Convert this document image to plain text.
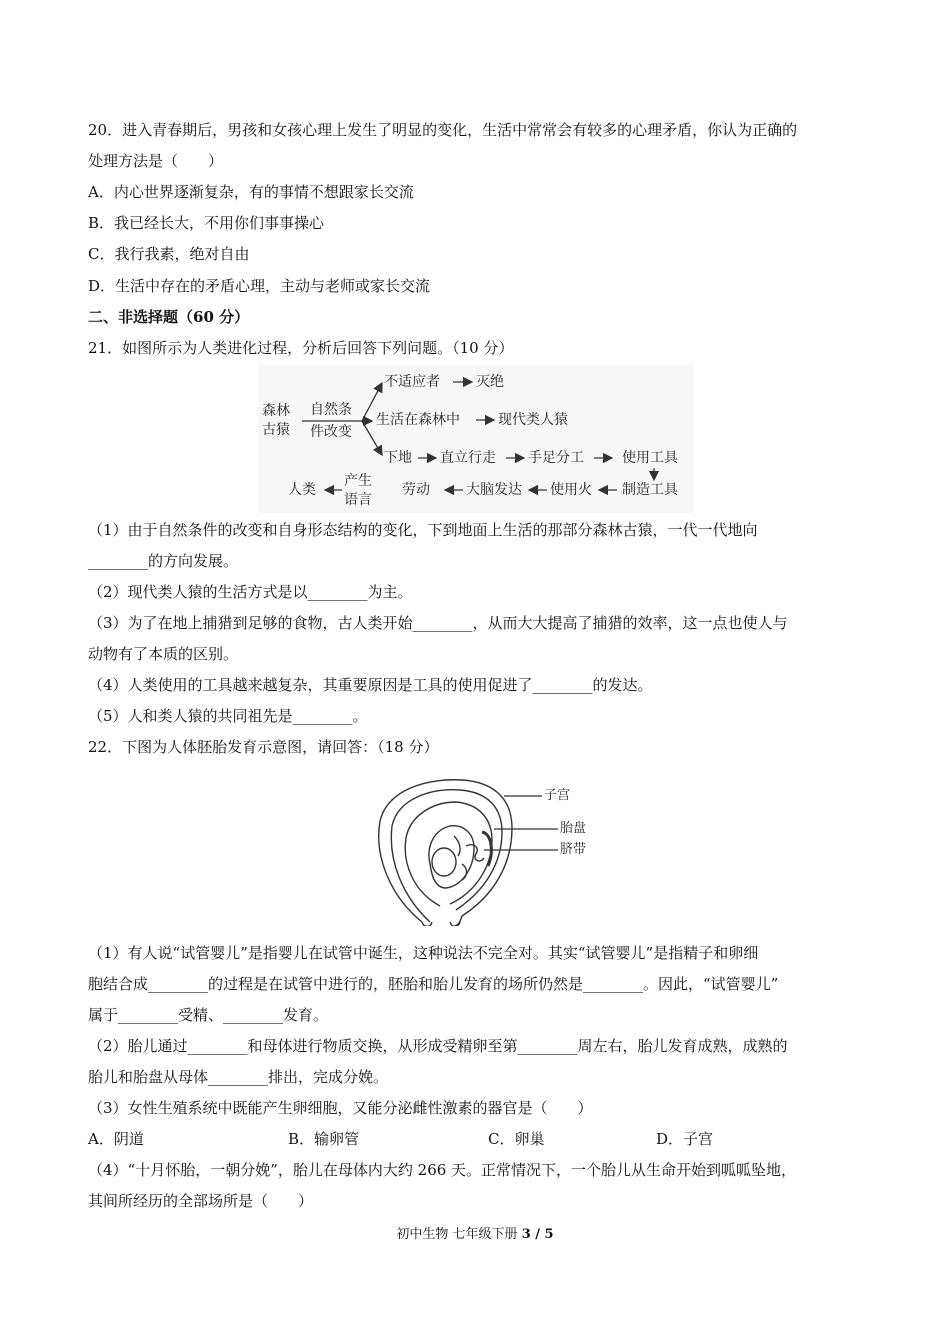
20．进入青春期后，男孩和女孩心理上发生了明显的变化，生活中常常会有较多的心理矛盾，你认为正确的
处理方法是（　　）
A．内心世界逐渐复杂，有的事情不想跟家长交流
B．我已经长大，不用你们事事操心
C．我行我素，绝对自由
D．生活中存在的矛盾心理，主动与老师或家长交流
二、非选择题（60 分）
21．如图所示为人类进化过程，分析后回答下列问题。（10 分）
森林
古猿
自然条
件改变
不适应者	灭绝
生活在森林中	现代类人猿
下地 直立行走 手足分工	使用工具
制造工具
使用火
大脑发达
劳动
产生
语言
人类
（1）由于自然条件的改变和自身形态结构的变化，下到地面上生活的那部分森林古猿，一代一代地向
________的方向发展。
（2）现代类人猿的生活方式是以________为主。
（3）为了在地上捕猎到足够的食物，古人类开始________，从而大大提高了捕猎的效率，这一点也使人与
动物有了本质的区别。
（4）人类使用的工具越来越复杂，其重要原因是工具的使用促进了________的发达。
（5）人和类人猿的共同祖先是________。
22．下图为人体胚胎发育示意图，请回答：（18 分）
子宫
胎盘
脐带
（1）有人说“试管婴儿”是指婴儿在试管中诞生，这种说法不完全对。其实“试管婴儿”是指精子和卵细
胞结合成________的过程是在试管中进行的，胚胎和胎儿发育的场所仍然是________。因此，“试管婴儿”
属于________受精、________发育。
（2）胎儿通过________和母体进行物质交换，从形成受精卵至第________周左右，胎儿发育成熟，成熟的
胎儿和胎盘从母体________排出，完成分娩。
（3）女性生殖系统中既能产生卵细胞，又能分泌雌性激素的器官是（　　）
A．阴道	B．输卵管	C．卵巢	D．子宫
（4）“十月怀胎，一朝分娩”，胎儿在母体内大约 266 天。正常情况下，一个胎儿从生命开始到呱呱坠地，
其间所经历的全部场所是（　　）
初中生物 七年级下册 3 / 5
